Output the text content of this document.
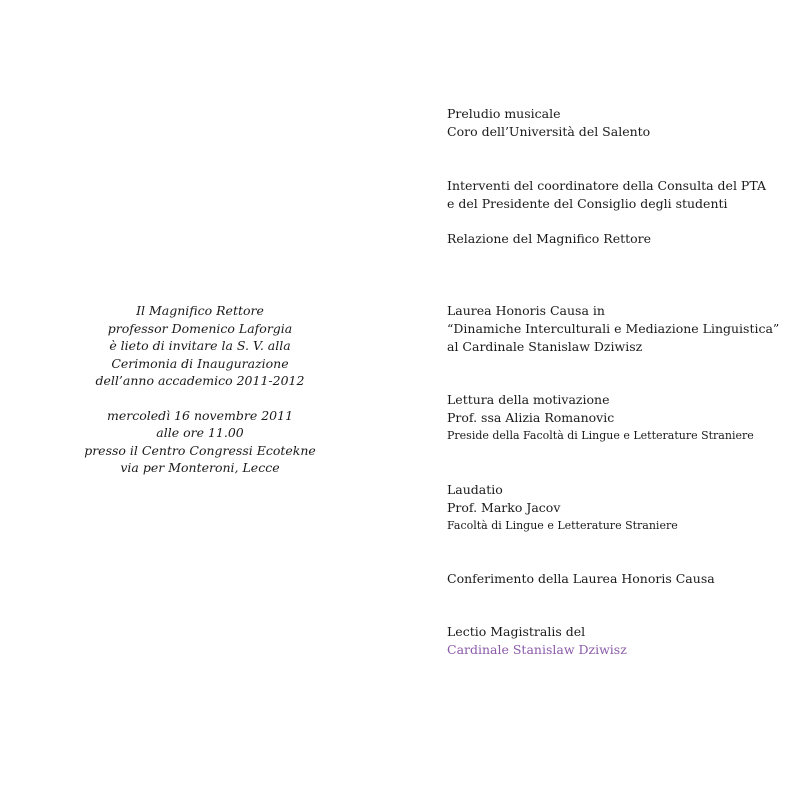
Il Magnifico Rettore
professor Domenico Laforgia
è lieto di invitare la S. V. alla
Cerimonia di Inaugurazione
dell’anno accademico 2011-2012
mercoledì 16 novembre 2011
alle ore 11.00
presso il Centro Congressi Ecotekne
via per Monteroni, Lecce
Preludio musicale
Coro dell’Università del Salento
Interventi del coordinatore della Consulta del PTA
e del Presidente del Consiglio degli studenti
Relazione del Magnifico Rettore
Laurea Honoris Causa in
“Dinamiche Interculturali e Mediazione Linguistica”
al Cardinale Stanislaw Dziwisz
Lettura della motivazione
Prof. ssa Alizia Romanovic
Preside della Facoltà di Lingue e Letterature Straniere
Laudatio
Prof. Marko Jacov
Facoltà di Lingue e Letterature Straniere
Conferimento della Laurea Honoris Causa
Lectio Magistralis del
Cardinale Stanislaw Dziwisz
